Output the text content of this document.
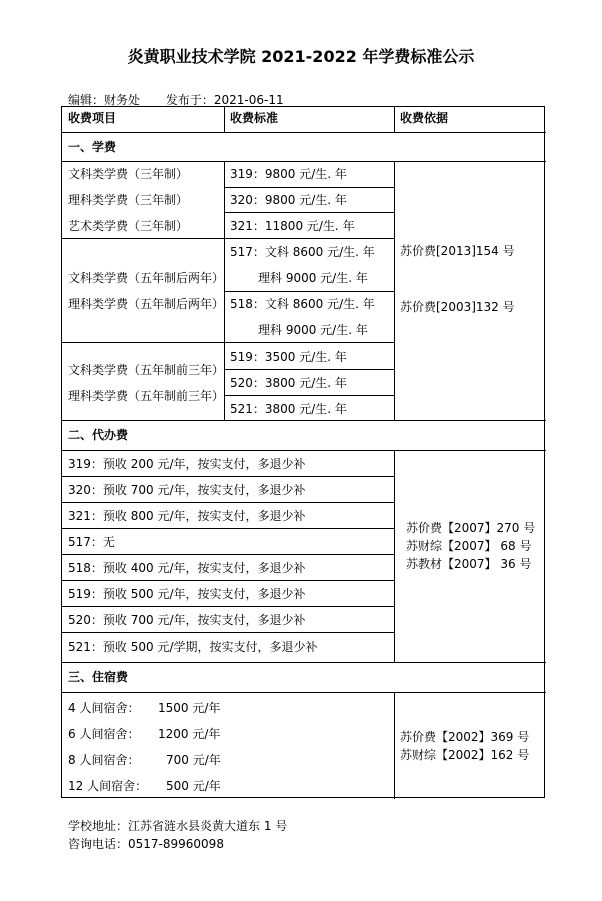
炎黄职业技术学院 2021-2022 年学费标准公示
编辑：财务处 发布于：2021-06-11
收费项目	收费标准	收费依据
一、学费
文科类学费（三年制）
理科类学费（三年制）
艺术类学费（三年制）
319：9800 元/生. 年
320：9800 元/生. 年
321：11800 元/生. 年
文科类学费（五年制后两年）
理科类学费（五年制后两年）
517：文科 8600 元/生. 年
理科 9000 元/生. 年
518：文科 8600 元/生. 年
理科 9000 元/生. 年
文科类学费（五年制前三年）
理科类学费（五年制前三年）
519：3500 元/生. 年
520：3800 元/生. 年
521：3800 元/生. 年
苏价费[2013]154 号
苏价费[2003]132 号
二、代办费
319：预收 200 元/年，按实支付，多退少补
320：预收 700 元/年，按实支付，多退少补
321：预收 800 元/年，按实支付，多退少补
517：无
518：预收 400 元/年，按实支付，多退少补
519：预收 500 元/年，按实支付，多退少补
520：预收 700 元/年，按实支付，多退少补
521：预收 500 元/学期，按实支付，多退少补
苏价费【2007】270 号
苏财综【2007】 68 号
苏教材【2007】 36 号
三、住宿费
4 人间宿舍： 1500 元/年
6 人间宿舍： 1200 元/年
8 人间宿舍： 700 元/年
12 人间宿舍： 500 元/年
苏价费【2002】369 号
苏财综【2002】162 号
学校地址：江苏省涟水县炎黄大道东 1 号
咨询电话：0517-89960098
